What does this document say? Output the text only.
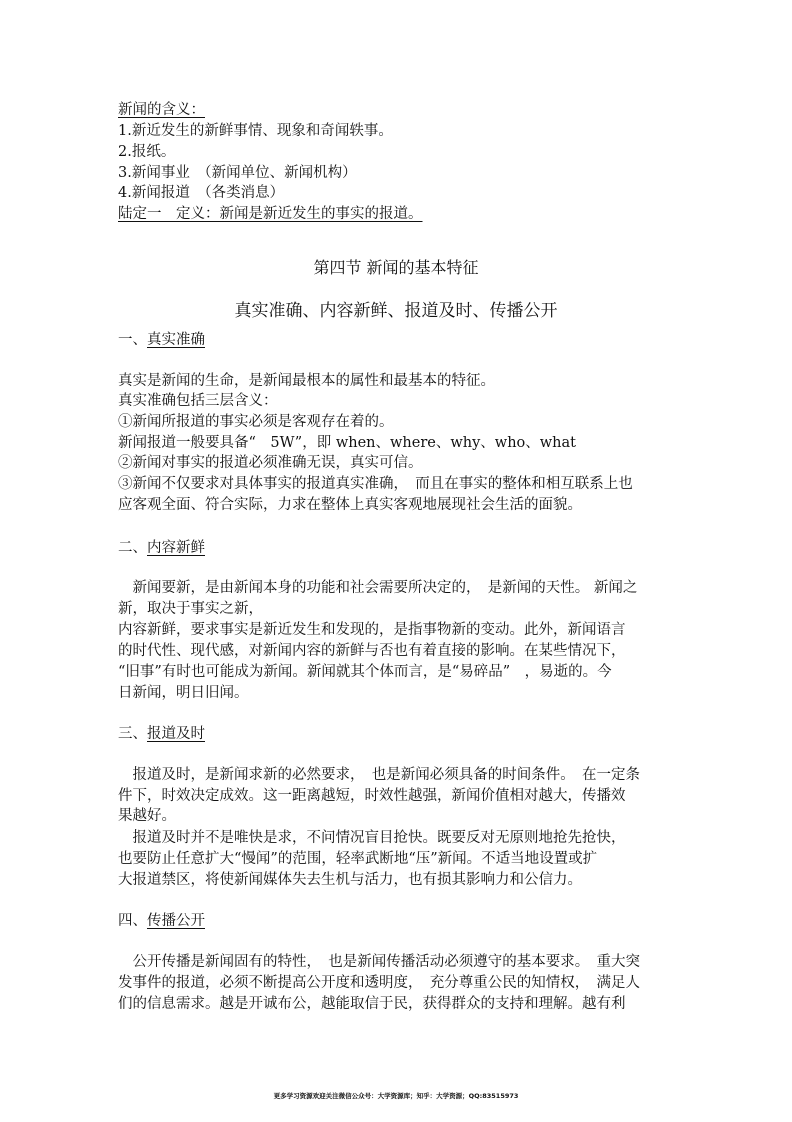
新闻的含义：
1.新近发生的新鲜事情、现象和奇闻轶事。
2.报纸。
3.新闻事业　（新闻单位、新闻机构）
4.新闻报道　（各类消息）
陆定一　定义：新闻是新近发生的事实的报道。
第四节 新闻的基本特征
真实准确、内容新鲜、报道及时、传播公开
一、真实准确
真实是新闻的生命，是新闻最根本的属性和最基本的特征。
真实准确包括三层含义：
①新闻所报道的事实必须是客观存在着的。
新闻报道一般要具备“　5W”，即 when、where、why、who、what
②新闻对事实的报道必须准确无误，真实可信。
③新闻不仅要求对具体事实的报道真实准确，　而且在事实的整体和相互联系上也
应客观全面、符合实际，力求在整体上真实客观地展现社会生活的面貌。
二、内容新鲜
　新闻要新，是由新闻本身的功能和社会需要所决定的，　是新闻的天性。 新闻之
新，取决于事实之新，
内容新鲜，要求事实是新近发生和发现的，是指事物新的变动。此外，新闻语言
的时代性、现代感，对新闻内容的新鲜与否也有着直接的影响。在某些情况下，
“旧事”有时也可能成为新闻。新闻就其个体而言，是“易碎品”　，易逝的。今
日新闻，明日旧闻。
三、报道及时
　报道及时，是新闻求新的必然要求，　也是新闻必须具备的时间条件。　在一定条
件下，时效决定成效。这一距离越短，时效性越强，新闻价值相对越大，传播效
果越好。
　报道及时并不是唯快是求，不问情况盲目抢快。既要反对无原则地抢先抢快，
也要防止任意扩大“慢闻”的范围，轻率武断地“压”新闻。不适当地设置或扩
大报道禁区，将使新闻媒体失去生机与活力，也有损其影响力和公信力。
四、传播公开
　公开传播是新闻固有的特性，　也是新闻传播活动必须遵守的基本要求。　重大突
发事件的报道，必须不断提高公开度和透明度，　充分尊重公民的知情权，　满足人
们的信息需求。越是开诚布公，越能取信于民，获得群众的支持和理解。越有利
更多学习资源欢迎关注微信公众号：大学资源库；知乎：大学资源；QQ:83515973
